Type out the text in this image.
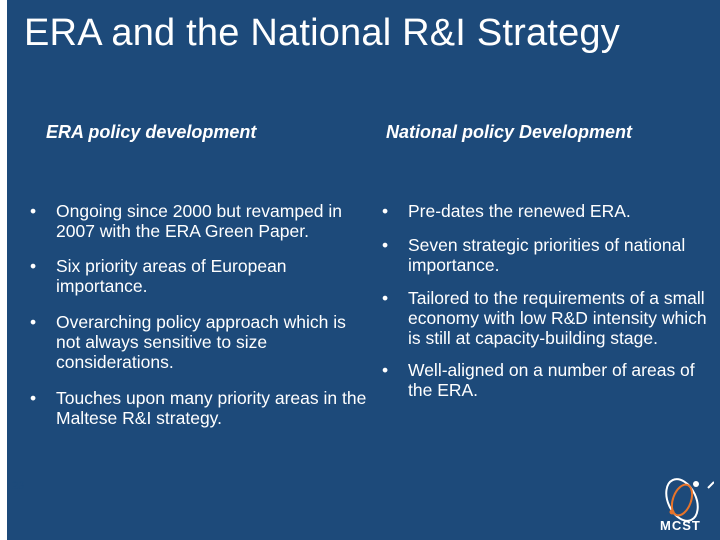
ERA and the National R&I Strategy
ERA policy development	National policy Development
•	Ongoing since 2000 but revamped in 2007 with the ERA Green Paper.
•	Six priority areas of European importance.
•	Overarching policy approach which is not always sensitive to size considerations.
•	Touches upon many priority areas in the Maltese R&I strategy.
•	Pre-dates the renewed ERA.
•	Seven strategic priorities of national importance.
•	Tailored to the requirements of a small economy with low R&D intensity which is still at capacity-building stage.
•	Well-aligned on a number of areas of the ERA.
23
MCST
